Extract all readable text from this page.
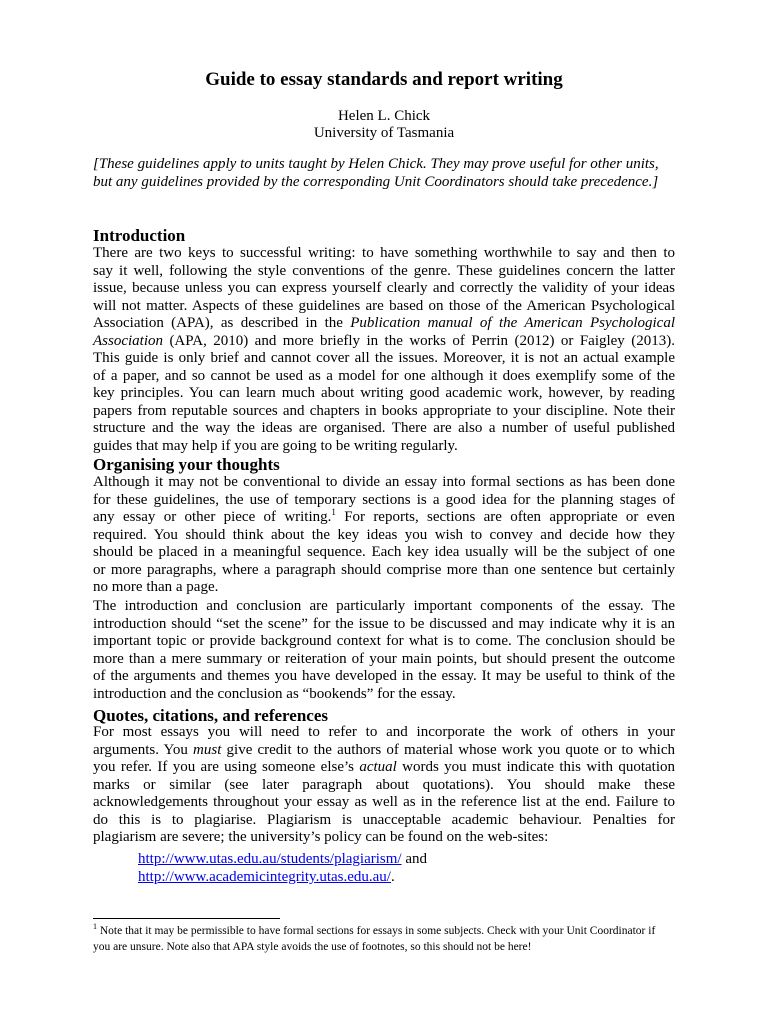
Guide to essay standards and report writing

Helen L. Chick

University of Tasmania

[These guidelines apply to units taught by Helen Chick. They may prove useful for other units, but any guidelines provided by the corresponding Unit Coordinators should take precedence.]

Introduction
There are two keys to successful writing: to have something worthwhile to say and then to
say it well, following the style conventions of the genre. These guidelines concern the latter
issue, because unless you can express yourself clearly and correctly the validity of your ideas
will not matter. Aspects of these guidelines are based on those of the American Psychological
Association (APA), as described in the Publication manual of the American Psychological
Association (APA, 2010) and more briefly in the works of Perrin (2012) or Faigley (2013).
This guide is only brief and cannot cover all the issues. Moreover, it is not an actual example
of a paper, and so cannot be used as a model for one although it does exemplify some of the
key principles. You can learn much about writing good academic work, however, by reading
papers from reputable sources and chapters in books appropriate to your discipline. Note their
structure and the way the ideas are organised. There are also a number of useful published
guides that may help if you are going to be writing regularly.
Organising your thoughts
Although it may not be conventional to divide an essay into formal sections as has been done
for these guidelines, the use of temporary sections is a good idea for the planning stages of
any essay or other piece of writing.$^1$ For reports, sections are often appropriate or even
required. You should think about the key ideas you wish to convey and decide how they
should be placed in a meaningful sequence. Each key idea usually will be the subject of one
or more paragraphs, where a paragraph should comprise more than one sentence but certainly
no more than a page.
The introduction and conclusion are particularly important components of the essay. The
introduction should “set the scene” for the issue to be discussed and may indicate why it is an
important topic or provide background context for what is to come. The conclusion should be
more than a mere summary or reiteration of your main points, but should present the outcome
of the arguments and themes you have developed in the essay. It may be useful to think of the
introduction and the conclusion as “bookends” for the essay.
Quotes, citations, and references
For most essays you will need to refer to and incorporate the work of others in your
arguments. You must give credit to the authors of material whose work you quote or to which
you refer. If you are using someone else’s actual words you must indicate this with quotation
marks or similar (see later paragraph about quotations). You should make these
acknowledgements throughout your essay as well as in the reference list at the end. Failure to
do this is to plagiarise. Plagiarism is unacceptable academic behaviour. Penalties for
plagiarism are severe; the university’s policy can be found on the web-sites:
http://www.utas.edu.au/students/plagiarism/ and
http://www.academicintegrity.utas.edu.au/.

$^1$ Note that it may be permissible to have formal sections for essays in some subjects. Check with your Unit Coordinator if you are unsure. Note also that APA style avoids the use of footnotes, so this should not be here!
